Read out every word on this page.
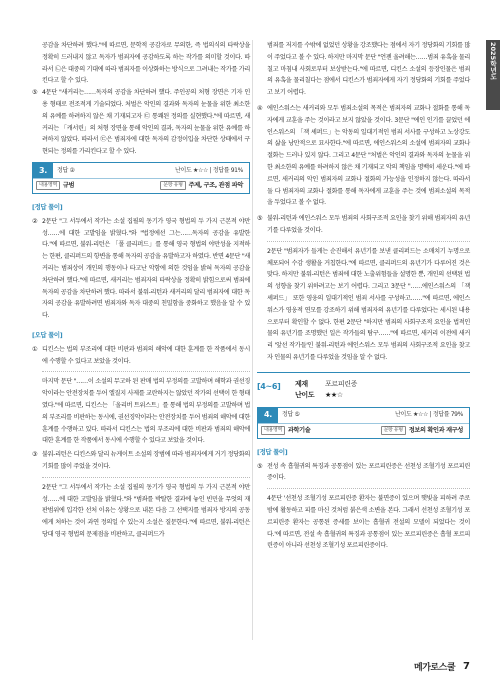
2025학년도

공감을 차단하려 했다."에 따르면, 문학적 공감자로 무의한, 즉 법의식의 타락상을 정확히 드러내지 않고 독자가 범죄자에 공감하도록 하는 작가를 의미할 것이다. 따라서 ㉡은 대중의 기대에 따라 범죄자를 이상화하는 방식으로 그려내는 작가를 가리킨다고 할 수 있다.

⑤ 4문단 "새커리는……독자의 공감을 차단하려 했다. 주인공의 처형 장면은 기자 인용 형태로 전조적게 기술되었다. 처벌은 악인의 결과와 독자의 눈물을 위한 최소한의 유예를 하려하지 않은 채 기재되고자 ㉢ 통쾌된 정의를 실현했다."에 따르면, 새커리는 「캐서린」의 처형 장면을 통해 악인의 결과, 독자의 눈물을 위한 유예를 하려하지 않았다. 따라서 ㉢은 범죄자에 대한 독자의 감정이입을 차단한 상태에서 구현되는 정의를 가리킨다고 할 수 있다.

3.	정답 ②	난이도 ★☆☆ | 정답률 91%
내용영역 규범	문항 유형 주제, 구조, 관점 파악
[정답 풀이]
② 2문단 "그 서두에서 작가는 소설 집필의 동기가 영국 형법의 두 가지 근본적 야만성……에 대한 고발임을 밝혔다."와 "법정에선 그는……독자의 공감을 유발한다."에 따르면, 불워-리턴은 「폴 클리퍼드」를 통해 영국 형법의 야만성을 지적하는 한편, 클리퍼드의 항변을 통해 독자의 공감을 유발하고자 하였다. 반면 4문단 "새커리는 범죄상이 개인의 행동이나 타고난 악함에 의한 것임을 밝혀 독자의 공감을 차단하려 했다."에 따르면, 새커리는 범죄자의 타락상을 정확히 밝힘으로써 범죄에 독자의 공감을 차단하려 했다. 따라서 불워-리턴과 새커리의 달리 범죄자에 대한 독자의 공감을 유발하려면 범죄자와 독자 대중의 친밀함을 중화하고 했음을 알 수 있다.

[오답 풀이]
① 디킨스는 법의 부조리에 대한 비판과 범죄의 해악에 대한 훈계를 한 작품에서 동시에 수행할 수 있다고 보았을 것이다.

마지막 문단 "……이 소설의 무고하 된 판매 법의 부정의를 고발하며 해학과 권선징악이라는 안전장치를 두어 엘질지 사제를 교란하지는 않았던 작가의 선택이 한 형태였다."에 따르면, 디킨스는 「올리버 트위스트」를 통해 법의 부정의를 고발하며 법의 부조리를 비판하는 동시에, 권선징악이라는 안전장치를 두어 범죄의 해악에 대한 훈계를 수행하고 있다. 따라서 디킨스는 법의 부조리에 대한 비판과 범죄의 해악에 대한 훈계를 한 작품에서 동시에 수행할 수 있다고 보았을 것이다.

③ 불워-리턴은 디킨스와 달리 뉴게이트 소설의 장범에 따라 범죄자에게 거기 정당화의 기회를 많이 주었을 것이다.

2문단 "그 서두에서 작가는 소설 집필의 동기가 영국 형법의 두 가지 근본적 야만성……에 대한 고발임을 밝혔다."와 "범좌를 박탈한 결과에 놓인 빈민을 무엇의 재판범위에 입각한 선처 이유는 상황으로 내몬 다음 그 선택지를 범죄자 방지의 공동에게 처하는 것이 과연 정의일 수 있는지 소설은 질문한다."에 따르면, 불워-리턴은 당대 영국 형법의 문제점을 비판하고, 클리퍼드가

범죄를 저지를 수밖에 없었던 상황을 강조했다는 점에서 자기 정당화의 기회를 많이 주었다고 볼 수 있다. 하지만 마지막 문단 "언젠 울려해는……범죄 유혹을 물리칠고 마침내 사회로부터 보상받는다."에 따르면, 디킨스 소설의 등장인물은 범죄의 유혹을 물리칠다는 점에서 디킨스가 범죄자에게 자기 정당화의 기회를 주었다고 보기 어렵다.

④ 에인스워스는 새커리와 모두 범죄소설의 목적은 범죄자의 교화나 절화를 통해 독자에게 교훈을 주는 것이라고 보지 않았을 것이다. 3문단 "에인 인기를 끌었던 에인스워스의 「잭 셰퍼드」는 악동의 일대기적인 범죄 서사를 구성하고 노상강도의 삶을 낭만적으로 묘사한다."에 따르면, 에인스워스의 소설에 범죄자의 교화나 절화는 드러나 있지 않다. 그리고 4문단 "처벌은 악인의 결과와 독자의 눈물을 위한 최소한의 유예를 하려하지 않은 채 기재되고 악의 책임을 명백히 세운다."에 따르면, 새커리의 악인 범죄자의 교화나 절화의 가능성을 인정하지 않는다. 따라서 둘 다 범죄자의 교화나 절화를 통해 독자에게 교훈을 주는 것에 범죄소설의 목적을 두었다고 볼 수 없다.

⑤ 불워-리턴과 에인스워스 모두 범죄의 사회구조적 요인을 찾기 위해 범죄자의 유년기를 다루었을 것이다.

2문단 "범죄자가 들게는 순진해서 유년기를 보낸 클리퍼드는 소매치기 누명으로 체포되어 수감 생활을 거칩한다."에 따르면, 클리퍼드의 유년기가 다루어진 것은 맞다. 하지만 불워-리턴은 범죄에 대한 노출위험들을 설명한 뿐, 개인의 선택된 법의 성향을 찾기 위하려고는 보기 어렵다. 그리고 3문단 "……에인스워스의 「잭 셰퍼드」 또한 영웅의 일대기적인 범죄 서사를 구성하고……"에 따르면, 에인스워스가 영웅적 연모를 강조하기 위해 범죄자의 유년기를 다루었다는 세시된 내용으로부터 확인할 수 없다. 한편 2문단 "하지만 범죄의 사회구조적 요인을 법적인물의 유년기를 조명했던 일은 작가들의 탐구……"에 따르면, 새커리 이전에 새커리 '앞선 작가들'인 불워-리턴과 에인스워스 모두 범죄의 사회구조적 요인을 찾고자 인물의 유년기를 다루었을 것임을 알 수 없다.

[4~6]	제재 포르피린증
난이도 ★★☆
4.	정답 ⑤	난이도 ★☆☆ | 정답률 79%
내용영역 과학기술	문항 유형 정보의 확인과 재구성
[정답 풀이]
⑤ 전성 속 흡혈귀의 특징과 공통점이 있는 포르피린증은 선천성 조혈기성 포르피린증이다.

4문단 '선천성 조혈기성 포르피린증 환자는 불면증이 있으며 햇빛을 피하려 주로 밤에 활동하고 피를 마신 것처럼 붉은색 소변을 본다. 그래서 선천성 조혈기성 포르피린증 환자는 공통된 증세를 보이는 흡혈귀 전설의 모델이 되었다는 것이다.'에 따르면, 전설 속 흡혈귀의 특징과 공통점이 있는 포르피린증은 흡혈 포르피린증이 아니라 선천성 조혈기성 포르피린증이다.

메가로스쿨 7
